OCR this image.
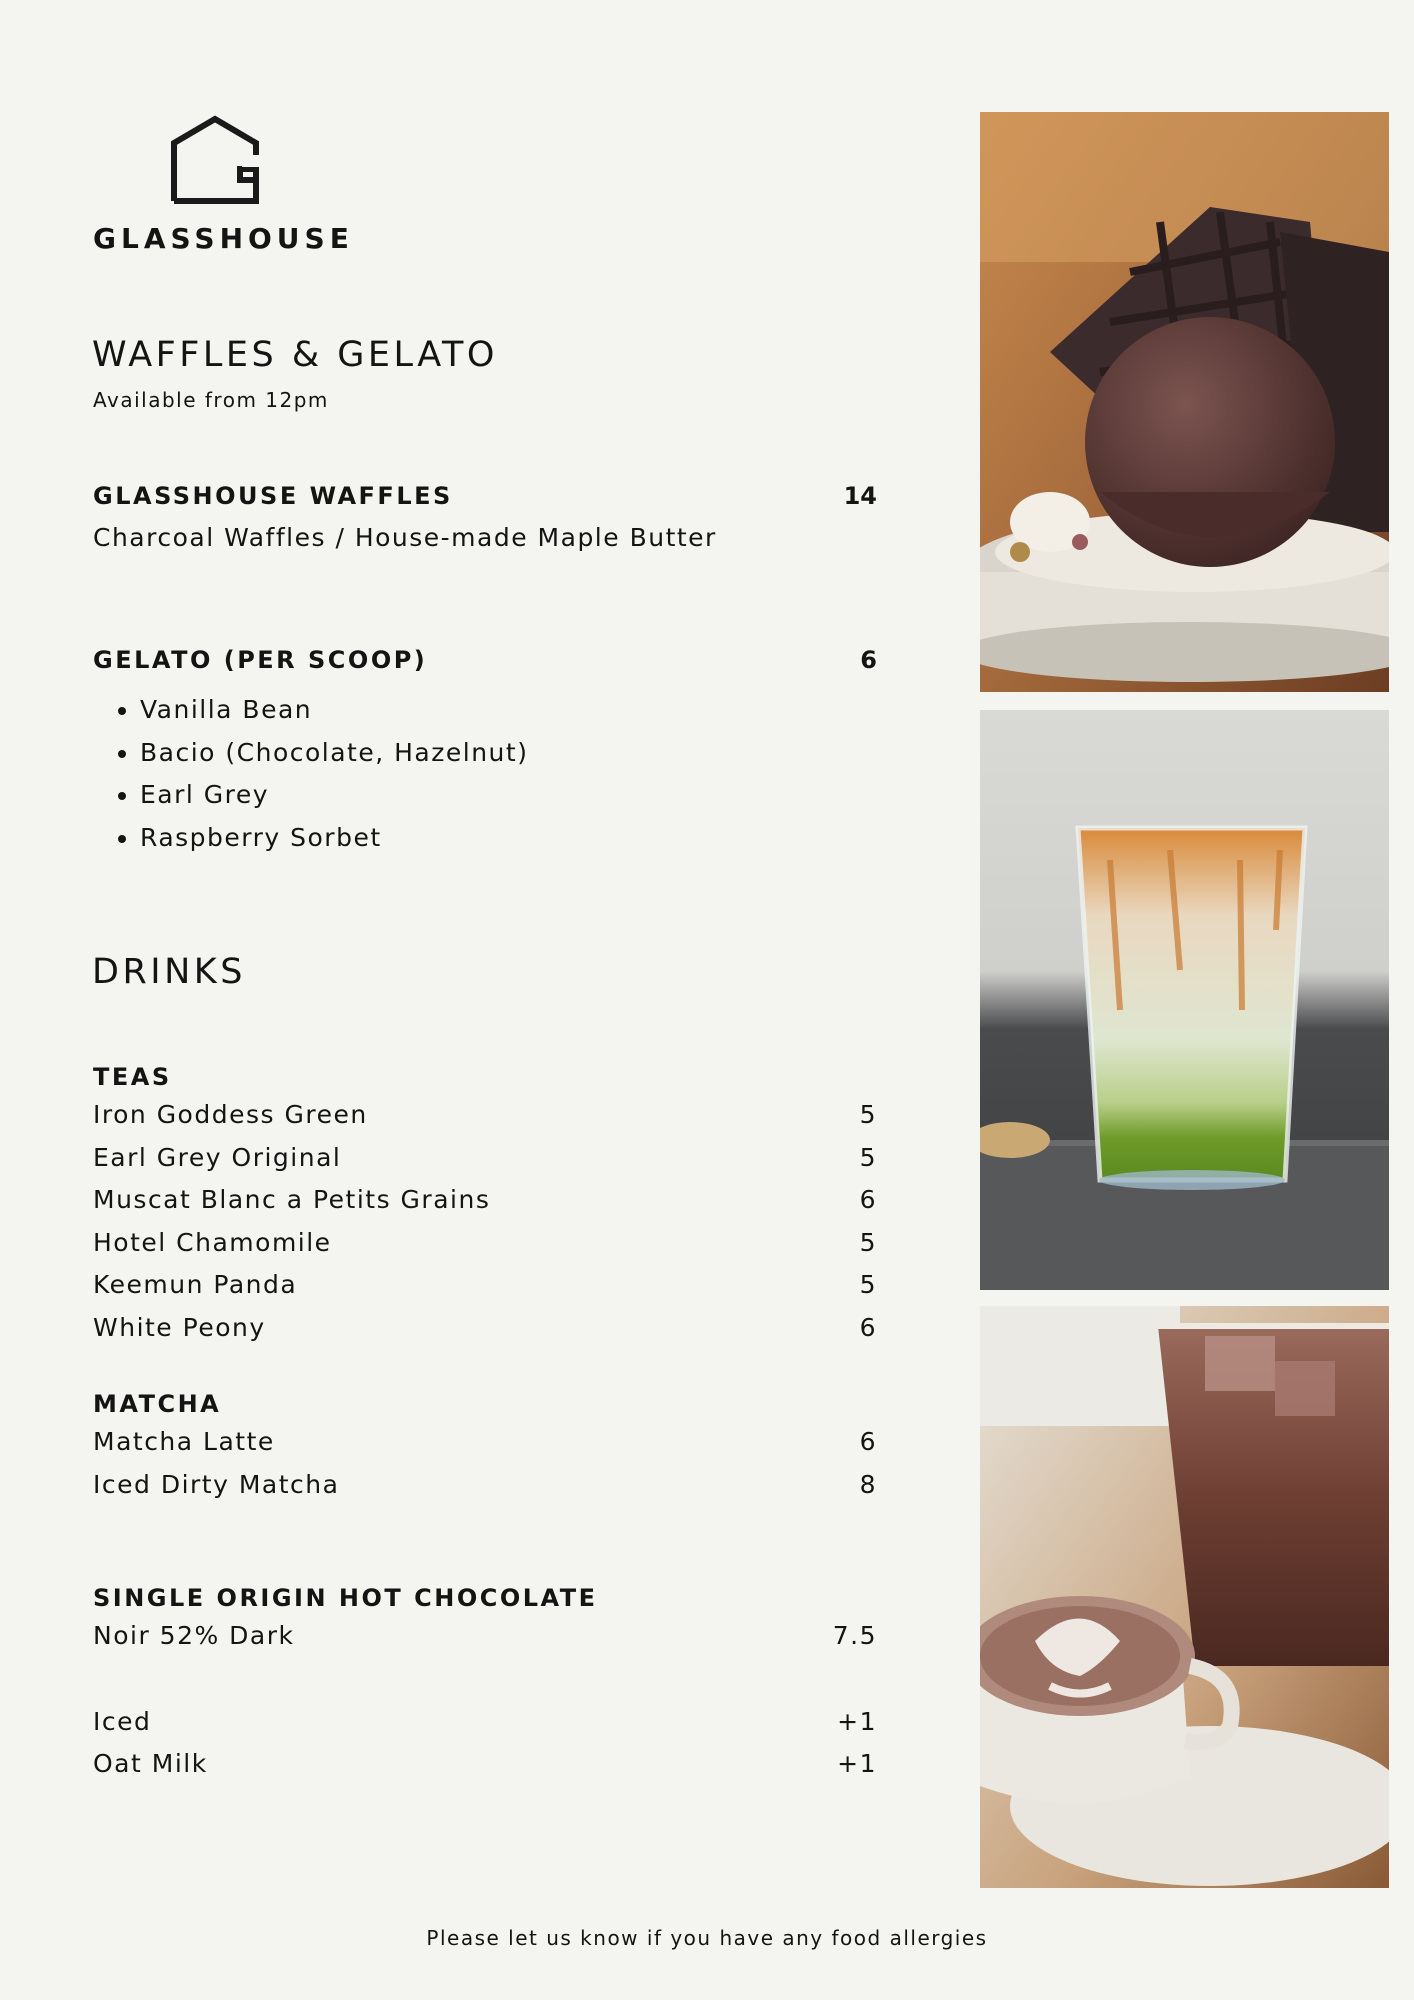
GLASSHOUSE
WAFFLES & GELATO
Available from 12pm
GLASSHOUSE WAFFLES	14
Charcoal Waffles / House-made Maple Butter
GELATO (PER SCOOP)	6
• Vanilla Bean
• Bacio (Chocolate, Hazelnut)
• Earl Grey
• Raspberry Sorbet
DRINKS
TEAS
Iron Goddess Green	5
Earl Grey Original	5
Muscat Blanc a Petits Grains	6
Hotel Chamomile	5
Keemun Panda	5
White Peony	6
MATCHA
Matcha Latte	6
Iced Dirty Matcha	8
SINGLE ORIGIN HOT CHOCOLATE
Noir 52% Dark	7.5
Iced	+1
Oat Milk	+1
Please let us know if you have any food allergies
